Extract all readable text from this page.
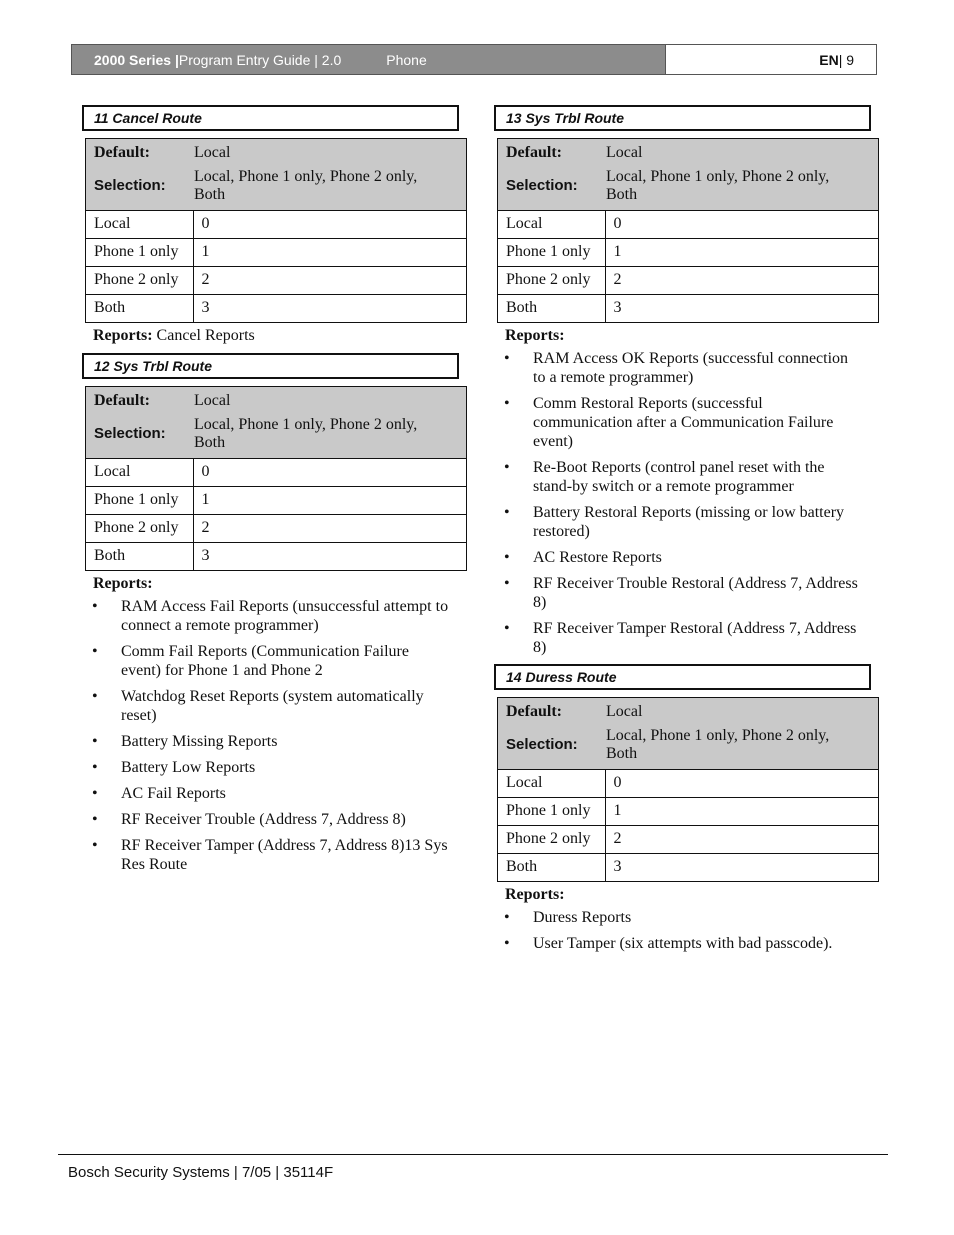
2000 Series | Program Entry Guide | 2.0	Phone	EN | 9
11 Cancel Route
Default:	Local
Selection:	Local, Phone 1 only, Phone 2 only, Both
Local	0
Phone 1 only	1
Phone 2 only	2
Both	3
Reports: Cancel Reports
12 Sys Trbl Route
Default:	Local
Selection:	Local, Phone 1 only, Phone 2 only, Both
Local	0
Phone 1 only	1
Phone 2 only	2
Both	3
Reports:
• RAM Access Fail Reports (unsuccessful attempt to connect a remote programmer)
• Comm Fail Reports (Communication Failure event) for Phone 1 and Phone 2
• Watchdog Reset Reports (system automatically reset)
• Battery Missing Reports
• Battery Low Reports
• AC Fail Reports
• RF Receiver Trouble (Address 7, Address 8)
• RF Receiver Tamper (Address 7, Address 8)13 Sys Res Route
13 Sys Trbl Route
Default:	Local
Selection:	Local, Phone 1 only, Phone 2 only, Both
Local	0
Phone 1 only	1
Phone 2 only	2
Both	3
Reports:
• RAM Access OK Reports (successful connection to a remote programmer)
• Comm Restoral Reports (successful communication after a Communication Failure event)
• Re-Boot Reports (control panel reset with the stand-by switch or a remote programmer
• Battery Restoral Reports (missing or low battery restored)
• AC Restore Reports
• RF Receiver Trouble Restoral (Address 7, Address 8)
• RF Receiver Tamper Restoral (Address 7, Address 8)
14 Duress Route
Default:	Local
Selection:	Local, Phone 1 only, Phone 2 only, Both
Local	0
Phone 1 only	1
Phone 2 only	2
Both	3
Reports:
• Duress Reports
• User Tamper (six attempts with bad passcode).
Bosch Security Systems | 7/05 | 35114F
